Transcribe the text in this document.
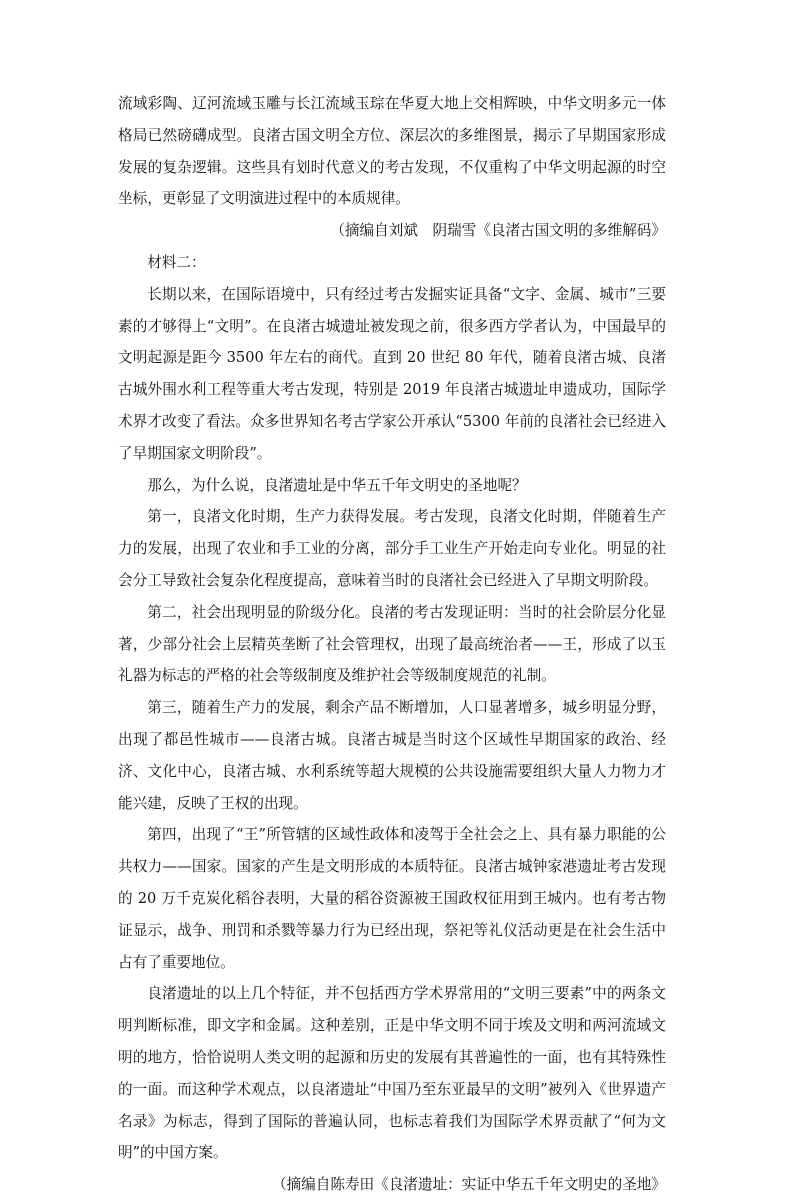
流域彩陶、辽河流域玉雕与长江流域玉琮在华夏大地上交相辉映，中华文明多元一体格局已然磅礴成型。良渚古国文明全方位、深层次的多维图景，揭示了早期国家形成发展的复杂逻辑。这些具有划时代意义的考古发现，不仅重构了中华文明起源的时空坐标，更彰显了文明演进过程中的本质规律。

（摘编自刘斌　阴瑞雪《良渚古国文明的多维解码》

材料二：

长期以来，在国际语境中，只有经过考古发掘实证具备“文字、金属、城市”三要素的才够得上“文明”。在良渚古城遗址被发现之前，很多西方学者认为，中国最早的文明起源是距今 3500 年左右的商代。直到 20 世纪 80 年代，随着良渚古城、良渚古城外围水利工程等重大考古发现，特别是 2019 年良渚古城遗址申遗成功，国际学术界才改变了看法。众多世界知名考古学家公开承认“5300 年前的良渚社会已经进入了早期国家文明阶段”。

那么，为什么说，良渚遗址是中华五千年文明史的圣地呢？

第一，良渚文化时期，生产力获得发展。考古发现，良渚文化时期，伴随着生产力的发展，出现了农业和手工业的分离，部分手工业生产开始走向专业化。明显的社会分工导致社会复杂化程度提高，意味着当时的良渚社会已经进入了早期文明阶段。

第二，社会出现明显的阶级分化。良渚的考古发现证明：当时的社会阶层分化显著，少部分社会上层精英垄断了社会管理权，出现了最高统治者——王，形成了以玉礼器为标志的严格的社会等级制度及维护社会等级制度规范的礼制。

第三，随着生产力的发展，剩余产品不断增加，人口显著增多，城乡明显分野，出现了都邑性城市——良渚古城。良渚古城是当时这个区域性早期国家的政治、经济、文化中心，良渚古城、水利系统等超大规模的公共设施需要组织大量人力物力才能兴建，反映了王权的出现。

第四，出现了“王”所管辖的区域性政体和凌驾于全社会之上、具有暴力职能的公共权力——国家。国家的产生是文明形成的本质特征。良渚古城钟家港遗址考古发现的 20 万千克炭化稻谷表明，大量的稻谷资源被王国政权征用到王城内。也有考古物证显示，战争、刑罚和杀戮等暴力行为已经出现，祭祀等礼仪活动更是在社会生活中占有了重要地位。

良渚遗址的以上几个特征，并不包括西方学术界常用的“文明三要素”中的两条文明判断标准，即文字和金属。这种差别，正是中华文明不同于埃及文明和两河流域文明的地方，恰恰说明人类文明的起源和历史的发展有其普遍性的一面，也有其特殊性的一面。而这种学术观点，以良渚遗址“中国乃至东亚最早的文明”被列入《世界遗产名录》为标志，得到了国际的普遍认同，也标志着我们为国际学术界贡献了“何为文明”的中国方案。

（摘编自陈寿田《良渚遗址：实证中华五千年文明史的圣地》
